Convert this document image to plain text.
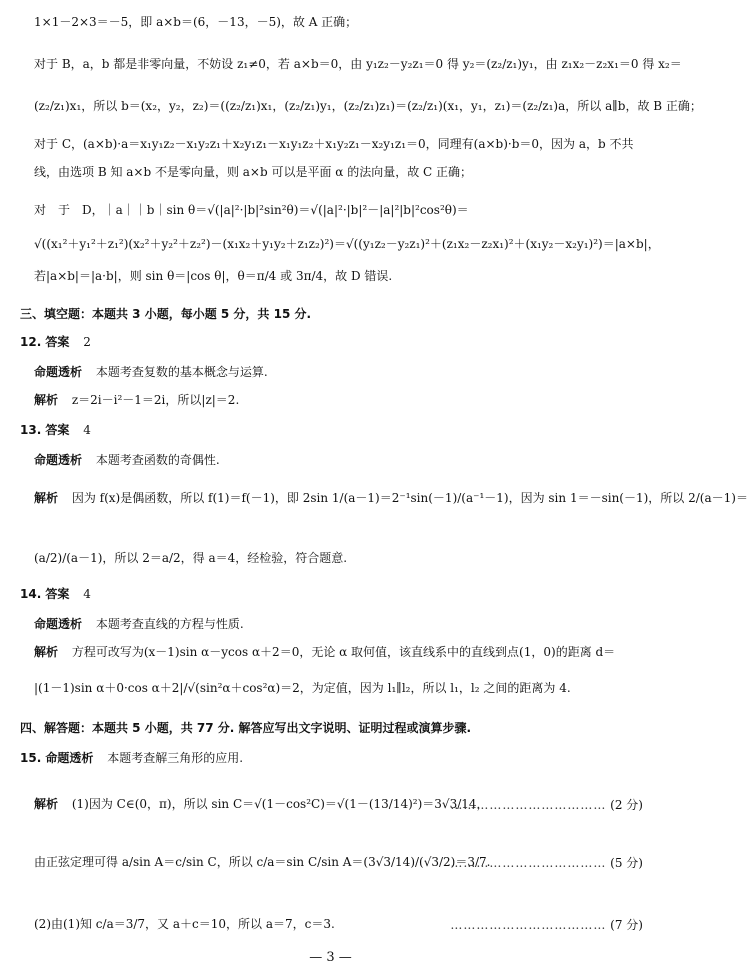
1×1－2×3＝－5，即 a×b＝(6，－13，－5)，故 A 正确；
对于 B，a，b 都是非零向量，不妨设 z₁≠0，若 a×b＝0，由 y₁z₂－y₂z₁＝0 得 y₂＝(z₂/z₁)y₁，由 z₁x₂－z₂x₁＝0 得 x₂＝
(z₂/z₁)x₁，所以 b＝(x₂，y₂，z₂)＝((z₂/z₁)x₁，(z₂/z₁)y₁，(z₂/z₁)z₁)＝(z₂/z₁)(x₁，y₁，z₁)＝(z₂/z₁)a，所以 a∥b，故 B 正确；
对于 C，(a×b)·a＝x₁y₁z₂－x₁y₂z₁＋x₂y₁z₁－x₁y₁z₂＋x₁y₂z₁－x₂y₁z₁＝0，同理有(a×b)·b＝0，因为 a，b 不共
线，由选项 B 知 a×b 不是零向量，则 a×b 可以是平面 α 的法向量，故 C 正确；
对　于　D，｜a｜｜b｜sin θ＝√(|a|²·|b|²sin²θ)＝√(|a|²·|b|²－|a|²|b|²cos²θ)＝
√((x₁²＋y₁²＋z₁²)(x₂²＋y₂²＋z₂²)－(x₁x₂＋y₁y₂＋z₁z₂)²)＝√((y₁z₂－y₂z₁)²＋(z₁x₂－z₂x₁)²＋(x₁y₂－x₂y₁)²)＝|a×b|，
若|a×b|＝|a·b|，则 sin θ＝|cos θ|，θ＝π/4 或 3π/4，故 D 错误.
三、填空题：本题共 3 小题，每小题 5 分，共 15 分.
12. 答案 2
命题透析 本题考查复数的基本概念与运算.
解析 z＝2i－i²－1＝2i，所以|z|＝2.
13. 答案 4
命题透析 本题考查函数的奇偶性.
解析 因为 f(x)是偶函数，所以 f(1)＝f(－1)，即 2sin 1/(a－1)＝2⁻¹sin(－1)/(a⁻¹－1)，因为 sin 1＝－sin(－1)，所以 2/(a－1)＝
(a/2)/(a－1)，所以 2＝a/2，得 a＝4，经检验，符合题意.
14. 答案 4
命题透析 本题考查直线的方程与性质.
解析 方程可改写为(x－1)sin α－ycos α＋2＝0，无论 α 取何值，该直线系中的直线到点(1，0)的距离 d＝
|(1－1)sin α＋0·cos α＋2|/√(sin²α＋cos²α)＝2，为定值，因为 l₁∥l₂，所以 l₁，l₂ 之间的距离为 4.
四、解答题：本题共 5 小题，共 77 分. 解答应写出文字说明、证明过程或演算步骤.
15. 命题透析 本题考查解三角形的应用.
解析 (1)因为 C∈(0，π)，所以 sin C＝√(1－cos²C)＝√(1－(13/14)²)＝3√3/14，
……………………………… (2 分)
由正弦定理可得 a/sin A＝c/sin C，所以 c/a＝sin C/sin A＝(3√3/14)/(√3/2)＝3/7.
……………………………… (5 分)
(2)由(1)知 c/a＝3/7，又 a＋c＝10，所以 a＝7，c＝3.	……………………………… (7 分)
— 3 —
